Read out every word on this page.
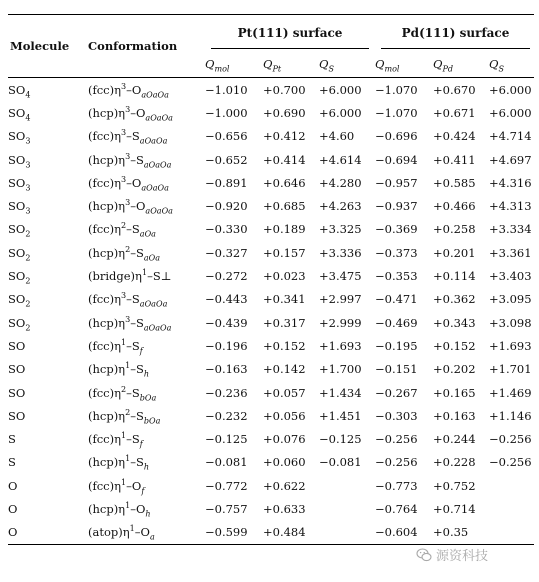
Molecule	Conformation	Pt(111) surface			Pd(111) surface		

		$Q_{mol}$	$Q_{Pt}$	$Q_S$	$Q_{mol}$	$Q_{Pd}$	$Q_S$
$SO_4$	$(fcc)\eta^3-O_{aOaOa}$	−1.010	+0.700	+6.000	−1.070	+0.670	+6.000
$SO_4$	$(hcp)\eta^3-O_{aOaOa}$	−1.000	+0.690	+6.000	−1.070	+0.671	+6.000
$SO_3$	$(fcc)\eta^3-S_{aOaOa}$	−0.656	+0.412	+4.60	−0.696	+0.424	+4.714
$SO_3$	$(hcp)\eta^3-S_{aOaOa}$	−0.652	+0.414	+4.614	−0.694	+0.411	+4.697
$SO_3$	$(fcc)\eta^3-O_{aOaOa}$	−0.891	+0.646	+4.280	−0.957	+0.585	+4.316
$SO_3$	$(hcp)\eta^3-O_{aOaOa}$	−0.920	+0.685	+4.263	−0.937	+0.466	+4.313
$SO_2$	$(fcc)\eta^2-S_{aOa}$	−0.330	+0.189	+3.325	−0.369	+0.258	+3.334
$SO_2$	$(hcp)\eta^2-S_{aOa}$	−0.327	+0.157	+3.336	−0.373	+0.201	+3.361
$SO_2$	$(bridge)\eta^1-S\perp$	−0.272	+0.023	+3.475	−0.353	+0.114	+3.403
$SO_2$	$(fcc)\eta^3-S_{aOaOa}$	−0.443	+0.341	+2.997	−0.471	+0.362	+3.095
$SO_2$	$(hcp)\eta^3-S_{aOaOa}$	−0.439	+0.317	+2.999	−0.469	+0.343	+3.098
SO	$(fcc)\eta^1-S_f$	−0.196	+0.152	+1.693	−0.195	+0.152	+1.693
SO	$(hcp)\eta^1-S_h$	−0.163	+0.142	+1.700	−0.151	+0.202	+1.701
SO	$(fcc)\eta^2-S_{bOa}$	−0.236	+0.057	+1.434	−0.267	+0.165	+1.469
SO	$(hcp)\eta^2-S_{bOa}$	−0.232	+0.056	+1.451	−0.303	+0.163	+1.146
S	$(fcc)\eta^1-S_f$	−0.125	+0.076	−0.125	−0.256	+0.244	−0.256
S	$(hcp)\eta^1-S_h$	−0.081	+0.060	−0.081	−0.256	+0.228	−0.256
O	$(fcc)\eta^1-O_f$	−0.772	+0.622		−0.773	+0.752	
O	$(hcp)\eta^1-O_h$	−0.757	+0.633		−0.764	+0.714	
O	$(atop)\eta^1-O_a$	−0.599	+0.484		−0.604	+0.35	
源资科技
